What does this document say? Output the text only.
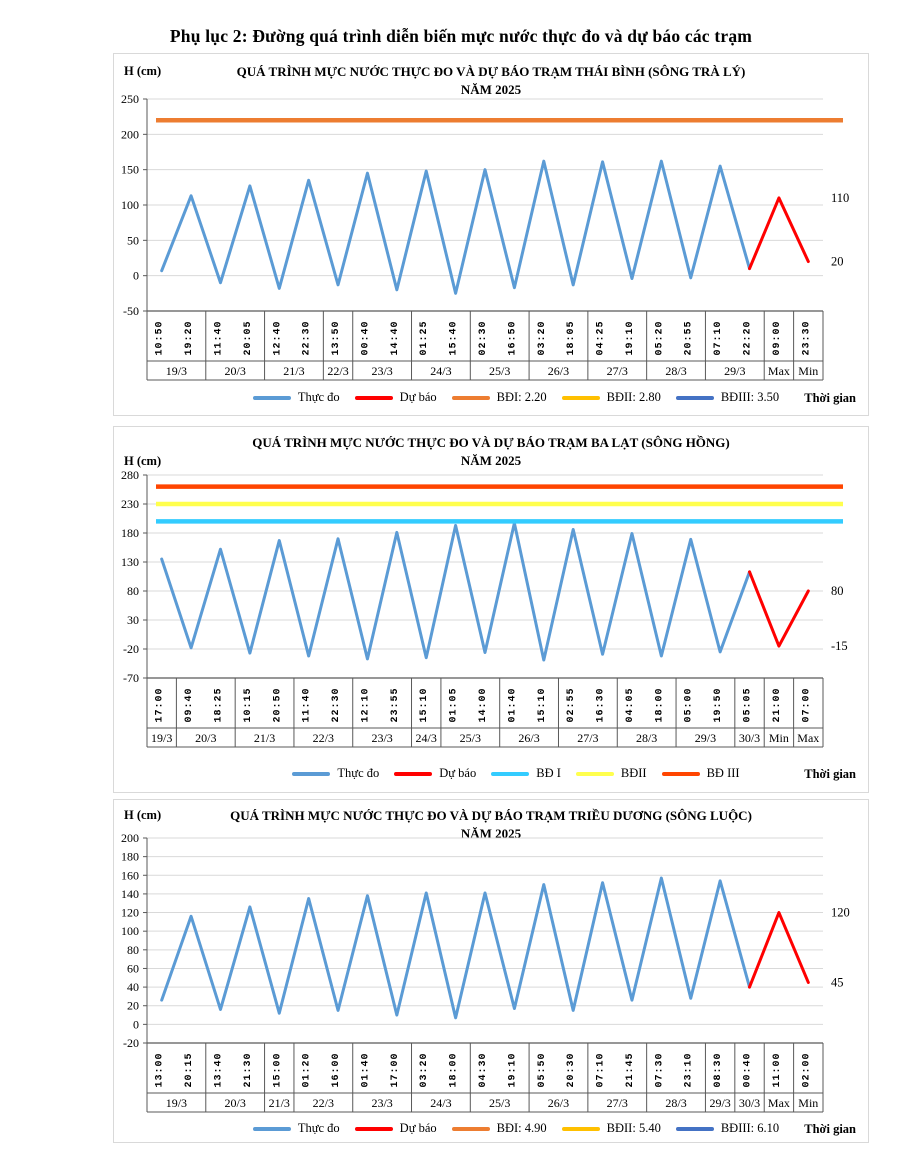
Phụ lục 2: Đường quá trình diễn biến mực nước thực đo và dự báo các trạm
H (cm)	QUÁ TRÌNH MỰC NƯỚC THỰC ĐO VÀ DỰ BÁO TRẠM THÁI BÌNH (SÔNG TRÀ LÝ)
NĂM 2025
-50
0
50
100
150
200
250
10:50 19:20 11:40 20:05 12:40 22:30 13:50 00:40 14:40 01:25 15:40 02:30 16:50 03:20 18:05 04:25 19:10 05:20 20:55 07:10 22:20 09:00 23:30
19/3	20/3	21/3 22/3 23/3	24/3	25/3	26/3	27/3	28/3	29/3 Max Min
110
20
Thực đo	Dự báo	BĐI: 2.20	BĐII: 2.80	BĐIII: 3.50 Thời gian
H (cm)
QUÁ TRÌNH MỰC NƯỚC THỰC ĐO VÀ DỰ BÁO TRẠM BA LẠT (SÔNG HỒNG)
NĂM 2025
-70
-20
30
80
130
180
230
280
17:00 09:40 18:25 10:15 20:50 11:40 22:30 12:10 23:55 15:10 01:05 14:00 01:40 15:10 02:55 16:30 04:05 18:00 05:00 19:50 05:05 21:00 07:00
19/3 20/3	21/3	22/3	23/3 24/3 25/3	26/3	27/3	28/3	29/3 30/3 Min Max
80
-15
Thực đo	Dự báo	BĐ I	BĐII	BĐ III	Thời gian
H (cm)	QUÁ TRÌNH MỰC NƯỚC THỰC ĐO VÀ DỰ BÁO TRẠM TRIỀU DƯƠNG (SÔNG LUỘC)
NĂM 2025
-20
0
20
40
60
80
100
120
140
160
180
200
13:00 20:15 13:40 21:30 15:00 01:20 16:00 01:40 17:00 03:20 18:00 04:30 19:10 05:50 20:30 07:10 21:45 07:30 23:10 08:30 00:40 11:00 02:00
19/3	20/3 21/3 22/3	23/3	24/3	25/3	26/3	27/3	28/3 29/3 30/3 Max Min
120
45
Thực đo	Dự báo	BĐI: 4.90	BĐII: 5.40	BĐIII: 6.10 Thời gian
